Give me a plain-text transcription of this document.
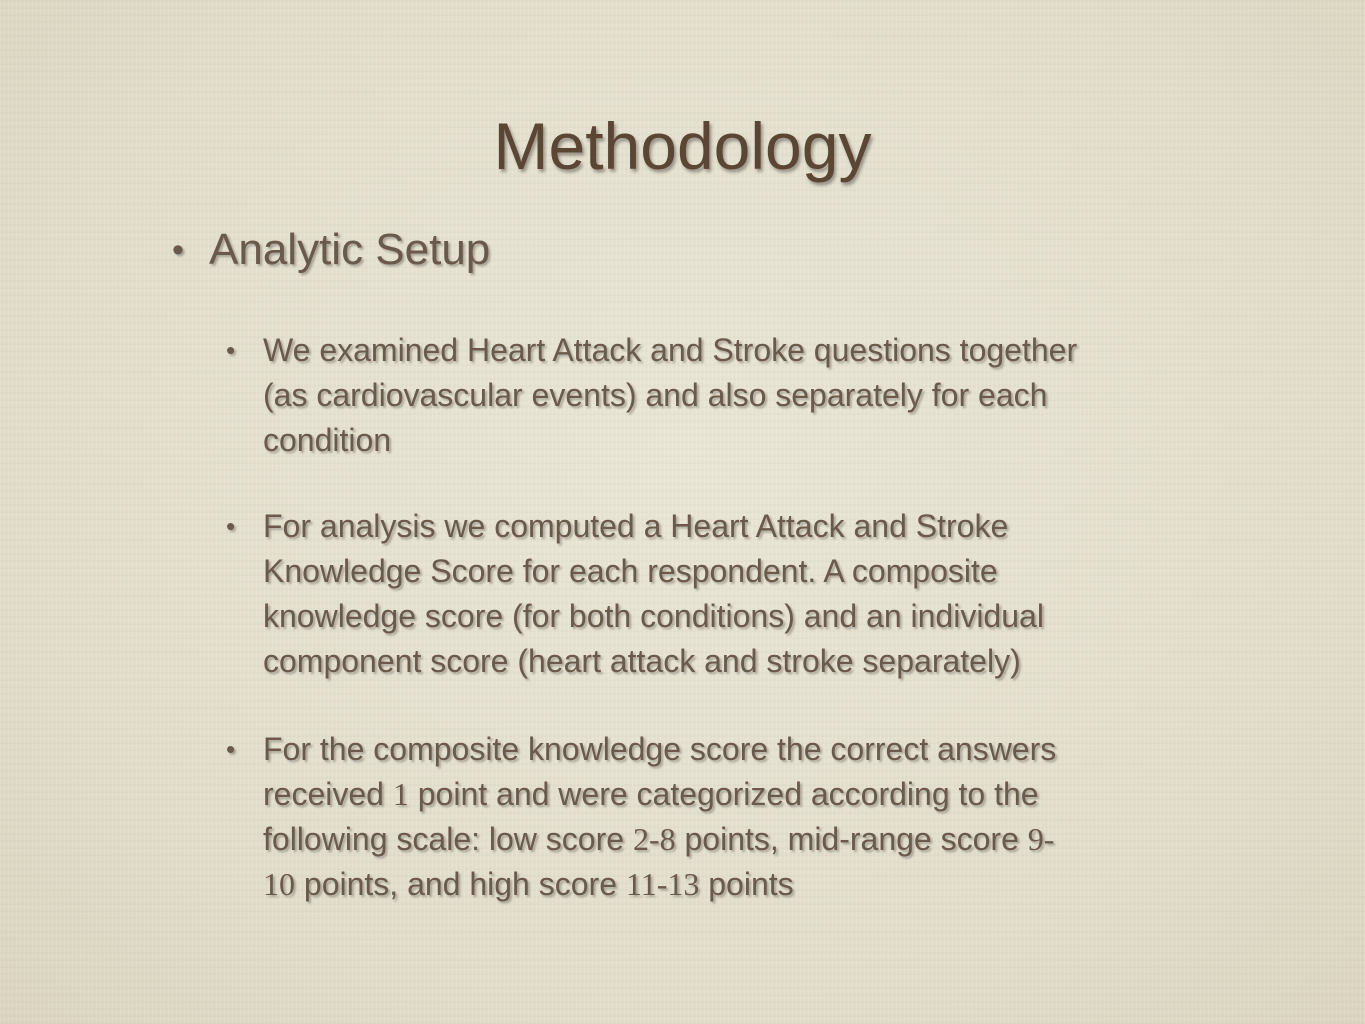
Methodology
• Analytic Setup
• We examined Heart Attack and Stroke questions together
(as cardiovascular events) and also separately for each
condition
• For analysis we computed a Heart Attack and Stroke
Knowledge Score for each respondent. A composite
knowledge score (for both conditions) and an individual
component score (heart attack and stroke separately)
• For the composite knowledge score the correct answers
received 1 point and were categorized according to the
following scale: low score 2-8 points, mid-range score 9-
10 points, and high score 11-13 points
